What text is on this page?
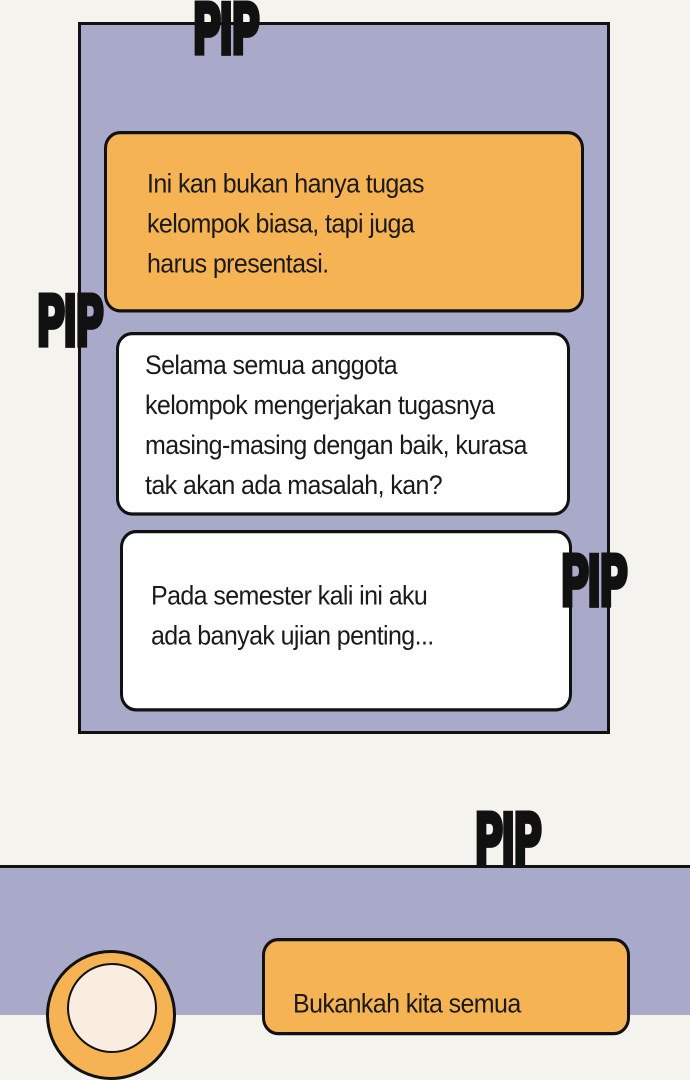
PIP
Ini kan bukan hanya tugas
kelompok biasa, tapi juga
harus presentasi.
Selama semua anggota
kelompok mengerjakan tugasnya
masing-masing dengan baik, kurasa
tak akan ada masalah, kan?
PIP
Pada semester kali ini aku
ada banyak ujian penting...
PIP
PIP
Bukankah kita semua
